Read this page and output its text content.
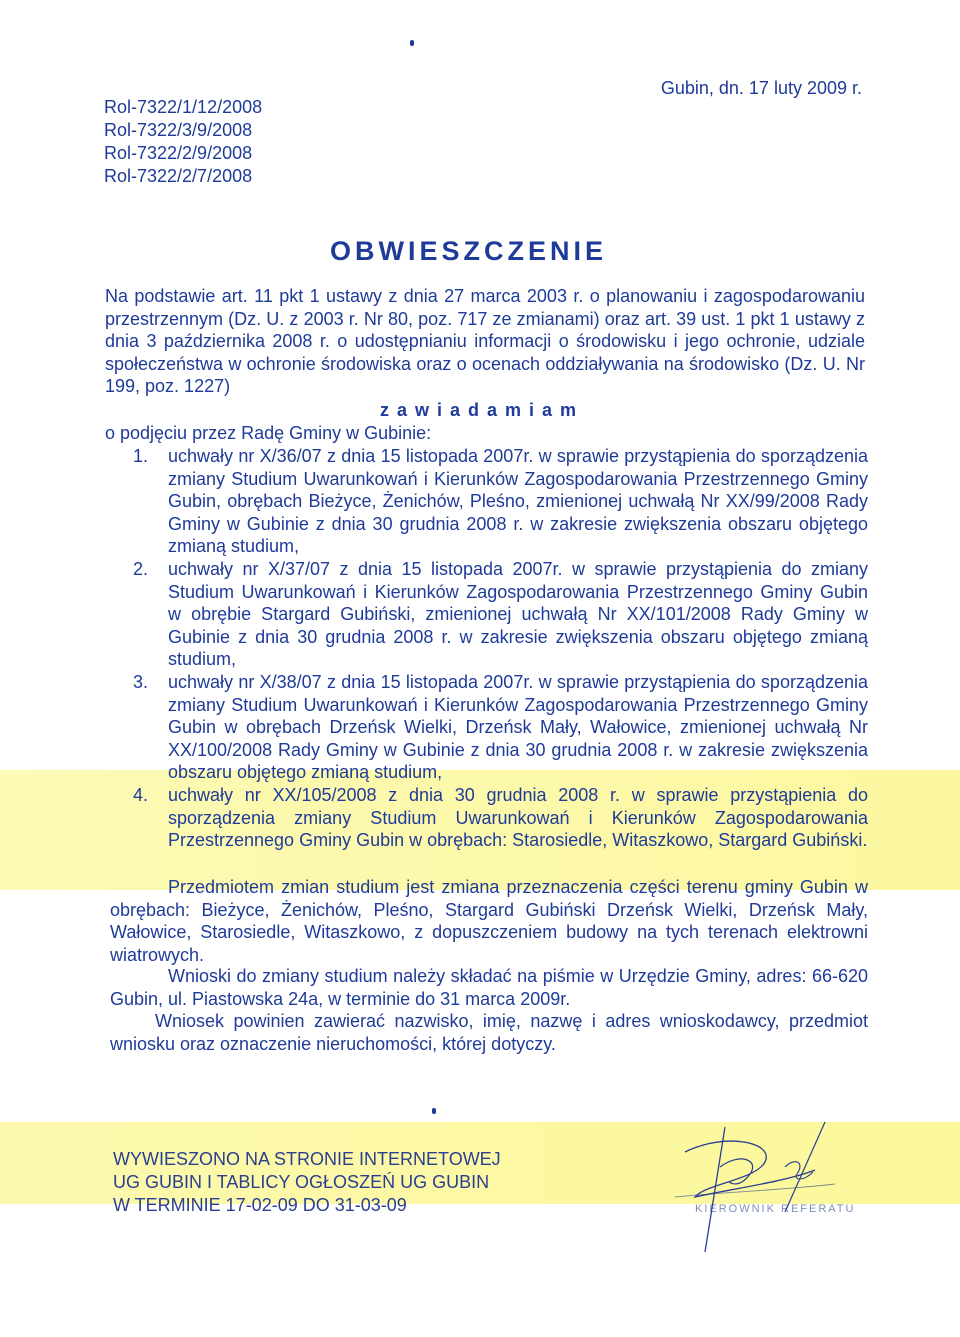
Rol-7322/1/12/2008
Rol-7322/3/9/2008
Rol-7322/2/9/2008
Rol-7322/2/7/2008
Gubin, dn. 17 luty 2009 r.
OBWIESZCZENIE
Na podstawie art. 11 pkt 1 ustawy z dnia 27 marca 2003 r. o planowaniu i zagospodarowaniu przestrzennym (Dz. U. z 2003 r. Nr 80, poz. 717 ze zmianami) oraz art. 39 ust. 1 pkt 1 ustawy z dnia 3 października 2008 r. o udostępnianiu informacji o środowisku i jego ochronie, udziale społeczeństwa w ochronie środowiska oraz o ocenach oddziaływania na środowisko (Dz. U. Nr 199, poz. 1227)
zawiadamiam
o podjęciu przez Radę Gminy w Gubinie:
1. uchwały nr X/36/07 z dnia 15 listopada 2007r. w sprawie przystąpienia do sporządzenia zmiany Studium Uwarunkowań i Kierunków Zagospodarowania Przestrzennego Gminy Gubin, obrębach Bieżyce, Żenichów, Pleśno, zmienionej uchwałą Nr XX/99/2008 Rady Gminy w Gubinie z dnia 30 grudnia 2008 r. w zakresie zwiększenia obszaru objętego zmianą studium,
2. uchwały nr X/37/07 z dnia 15 listopada 2007r. w sprawie przystąpienia do zmiany Studium Uwarunkowań i Kierunków Zagospodarowania Przestrzennego Gminy Gubin w obrębie Stargard Gubiński, zmienionej uchwałą Nr XX/101/2008 Rady Gminy w Gubinie z dnia 30 grudnia 2008 r. w zakresie zwiększenia obszaru objętego zmianą studium,
3. uchwały nr X/38/07 z dnia 15 listopada 2007r. w sprawie przystąpienia do sporządzenia zmiany Studium Uwarunkowań i Kierunków Zagospodarowania Przestrzennego Gminy Gubin w obrębach Drzeńsk Wielki, Drzeńsk Mały, Wałowice, zmienionej uchwałą Nr XX/100/2008 Rady Gminy w Gubinie z dnia 30 grudnia 2008 r. w zakresie zwiększenia obszaru objętego zmianą studium,
4. uchwały nr XX/105/2008 z dnia 30 grudnia 2008 r. w sprawie przystąpienia do sporządzenia zmiany Studium Uwarunkowań i Kierunków Zagospodarowania Przestrzennego Gminy Gubin w obrębach: Starosiedle, Witaszkowo, Stargard Gubiński.
Przedmiotem zmian studium jest zmiana przeznaczenia części terenu gminy Gubin w obrębach: Bieżyce, Żenichów, Pleśno, Stargard Gubiński Drzeńsk Wielki, Drzeńsk Mały, Wałowice, Starosiedle, Witaszkowo, z dopuszczeniem budowy na tych terenach elektrowni wiatrowych.
Wnioski do zmiany studium należy składać na piśmie w Urzędzie Gminy, adres: 66-620 Gubin, ul. Piastowska 24a, w terminie do 31 marca 2009r.
Wniosek powinien zawierać nazwisko, imię, nazwę i adres wnioskodawcy, przedmiot wniosku oraz oznaczenie nieruchomości, której dotyczy.
WYWIESZONO NA STRONIE INTERNETOWEJ
UG GUBIN I TABLICY OGŁOSZEŃ UG GUBIN
W TERMINIE 17-02-09 DO 31-03-09	KIEROWNIK REFERATU
